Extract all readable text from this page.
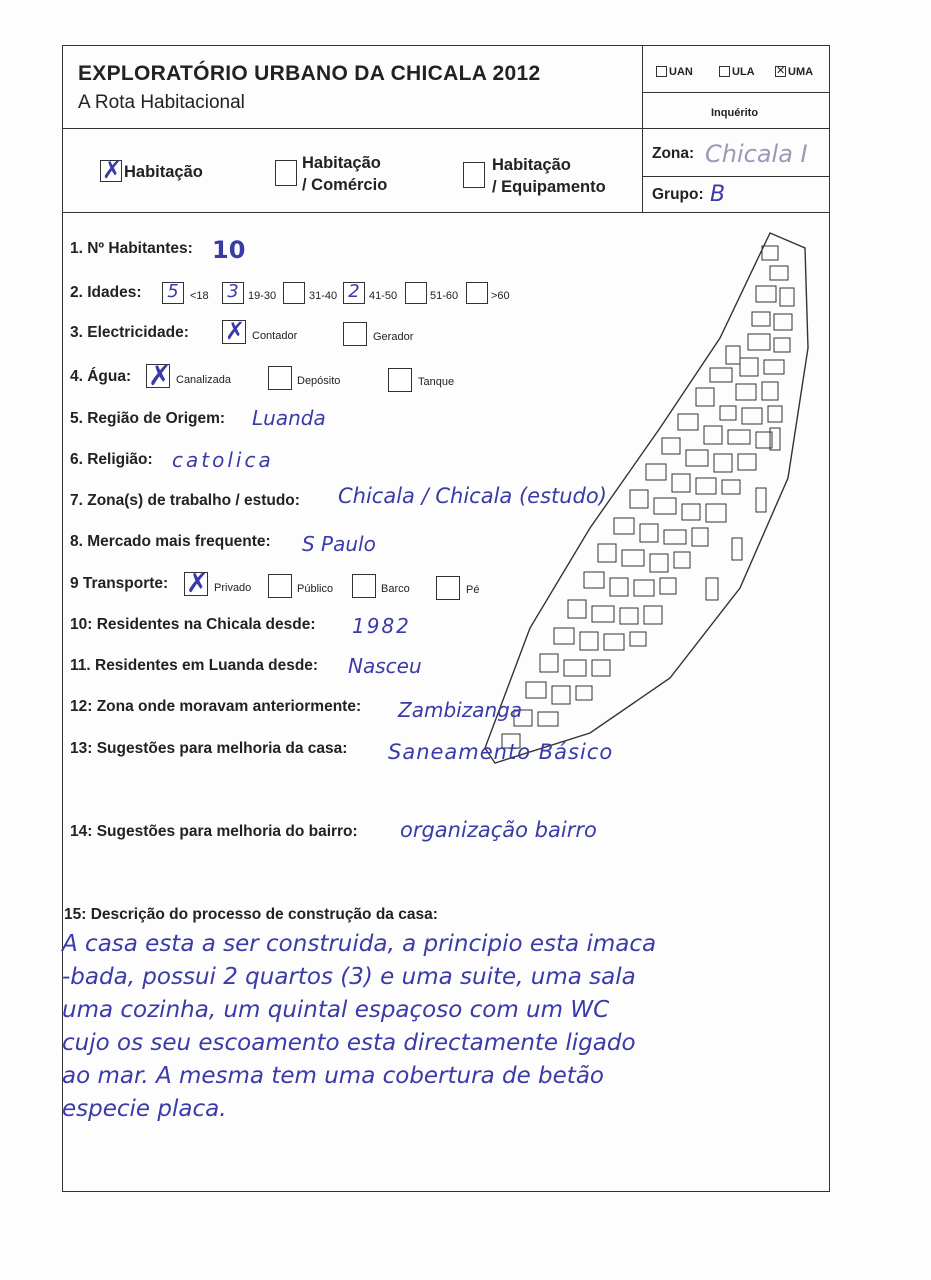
EXPLORATÓRIO URBANO DA CHICALA 2012
A Rota Habitacional
UAN	ULA ✕ UMA
Inquérito
Zona: Chicala I
Grupo: B
✗ Habitação	Habitação
/ Comércio
Habitação
/ Equipamento
1. Nº Habitantes: 10
2. Idades: 5	<18 3 19-30	31-40 2 41-50	51-60	>60
3. Electricidade: ✗ Contador	Gerador
4. Água: ✗ Canalizada	Depósito	Tanque
5. Região de Origem: Luanda
6. Religião: catolica
7. Zona(s) de trabalho / estudo: Chicala / Chicala (estudo)
8. Mercado mais frequente: S Paulo
9 Transporte: ✗ Privado	Público	Barco	Pé
10: Residentes na Chicala desde: 1982
11. Residentes em Luanda desde: Nasceu
12: Zona onde moravam anteriormente: Zambizanga
13: Sugestões para melhoria da casa: Saneamento Básico
14: Sugestões para melhoria do bairro: organização bairro
15: Descrição do processo de construção da casa:
A casa esta a ser construida, a principio esta imaca
-bada, possui 2 quartos (3) e uma suite, uma sala
uma cozinha, um quintal espaçoso com um WC
cujo os seu escoamento esta directamente ligado
ao mar. A mesma tem uma cobertura de betão
especie placa.
